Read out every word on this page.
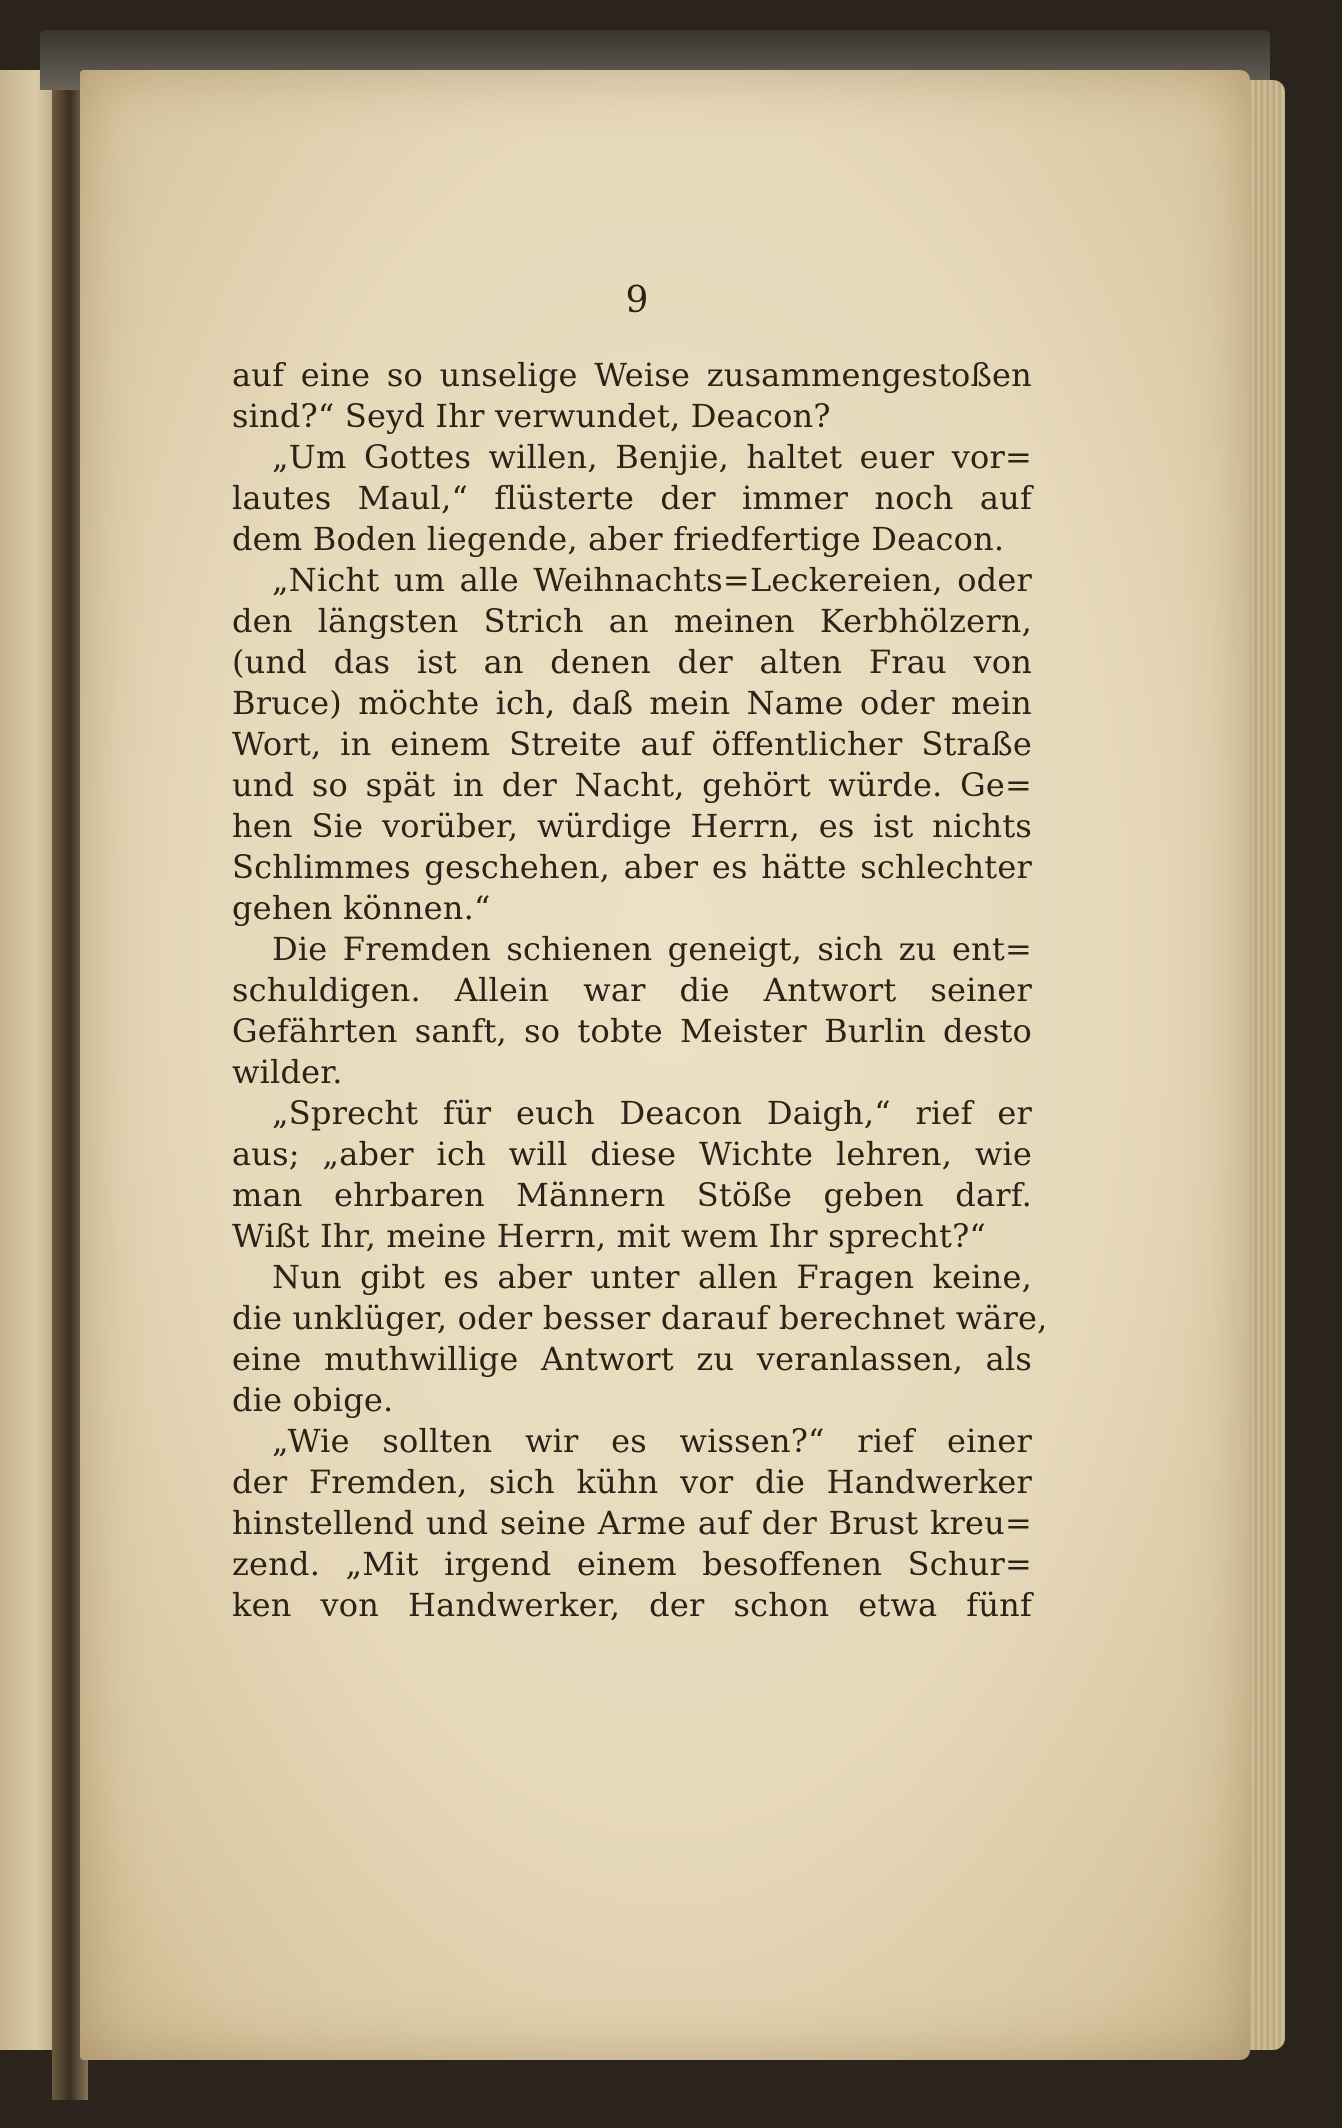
9
auf eine so unselige Weise zusammengestoßen
sind?“ Seyd Ihr verwundet, Deacon?
„Um Gottes willen, Benjie, haltet euer vor=
lautes Maul,“ flüsterte der immer noch auf
dem Boden liegende, aber friedfertige Deacon.
„Nicht um alle Weihnachts=Leckereien, oder
den längsten Strich an meinen Kerbhölzern,
(und das ist an denen der alten Frau von
Bruce) möchte ich, daß mein Name oder mein
Wort, in einem Streite auf öffentlicher Straße
und so spät in der Nacht, gehört würde. Ge=
hen Sie vorüber, würdige Herrn, es ist nichts
Schlimmes geschehen, aber es hätte schlechter
gehen können.“
Die Fremden schienen geneigt, sich zu ent=
schuldigen. Allein war die Antwort seiner
Gefährten sanft, so tobte Meister Burlin desto
wilder.
„Sprecht für euch Deacon Daigh,“ rief er
aus; „aber ich will diese Wichte lehren, wie
man ehrbaren Männern Stöße geben darf.
Wißt Ihr, meine Herrn, mit wem Ihr sprecht?“
Nun gibt es aber unter allen Fragen keine,
die unklüger, oder besser darauf berechnet wäre,
eine muthwillige Antwort zu veranlassen, als
die obige.
„Wie sollten wir es wissen?“ rief einer
der Fremden, sich kühn vor die Handwerker
hinstellend und seine Arme auf der Brust kreu=
zend. „Mit irgend einem besoffenen Schur=
ken von Handwerker, der schon etwa fünf
